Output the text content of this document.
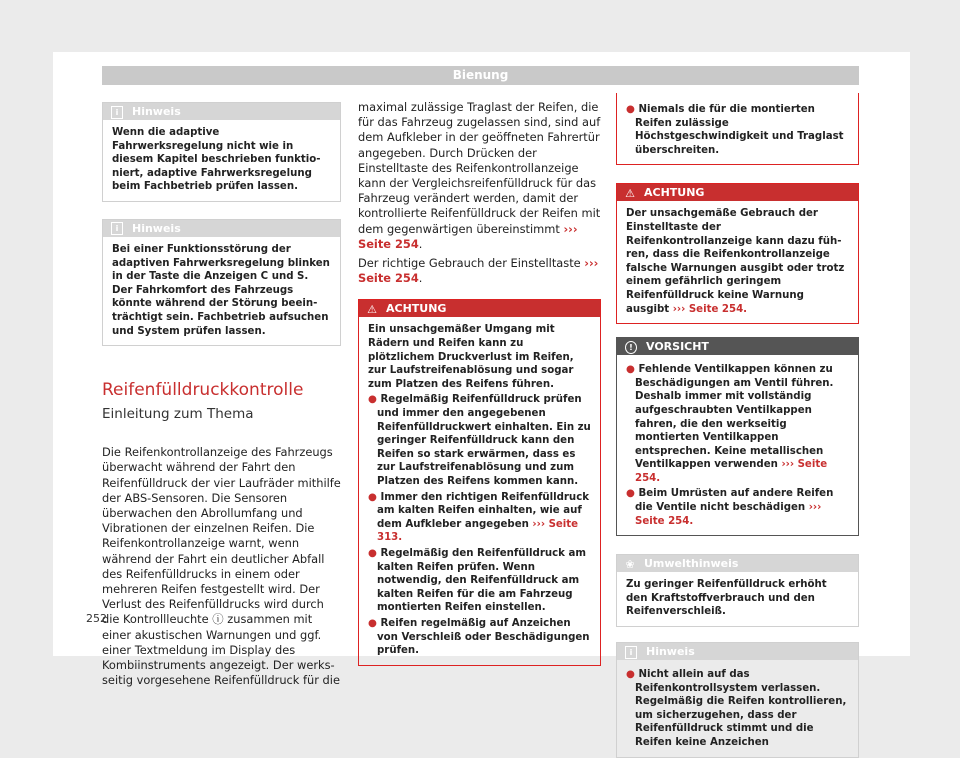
Bienung
i Hinweis
Wenn die adaptive Fahrwerksregelung nicht wie in diesem Kapitel beschrieben funktioniert, adaptive Fahrwerksregelung beim Fachbetrieb prüfen lassen.
i Hinweis
Bei einer Funktionsstörung der adaptiven Fahrwerksregelung blinken in der Taste die Anzeigen C und S. Der Fahrkomfort des Fahrzeugs könnte während der Störung beeinträchtigt sein. Fachbetrieb aufsuchen und System prüfen lassen.
Reifenfülldruckkontrolle
Einleitung zum Thema
Die Reifenkontrollanzeige des Fahrzeugs überwacht während der Fahrt den Reifenfülldruck der vier Laufräder mithilfe der ABS-Sensoren. Die Sensoren überwachen den Abrollumfang und Vibrationen der einzelnen Reifen. Die Reifenkontrollanzeige warnt, wenn während der Fahrt ein deutlicher Abfall des Reifenfülldrucks in einem oder mehreren Reifen festgestellt wird. Der Verlust des Reifenfülldrucks wird durch die Kontrollleuchte ⓘ zusammen mit einer akustischen Warnungen und ggf. einer Textmeldung im Display des Kombiinstruments angezeigt. Der werksseitig vorgesehene Reifenfülldruck für die
maximal zulässige Traglast der Reifen, die für das Fahrzeug zugelassen sind, sind auf dem Aufkleber in der geöffneten Fahrertür angegeben. Durch Drücken der Einstelltaste des Reifenkontrollanzeige kann der Vergleichsreifenfülldruck für das Fahrzeug verändert werden, damit der kontrollierte Reifenfülldruck der Reifen mit dem gegenwärtigen übereinstimmt ››› Seite 254.
Der richtige Gebrauch der Einstelltaste ››› Seite 254.
⚠ ACHTUNG
Ein unsachgemäßer Umgang mit Rädern und Reifen kann zu plötzlichem Druckverlust im Reifen, zur Laufstreifenablösung und sogar zum Platzen des Reifens führen.
● Regelmäßig Reifenfülldruck prüfen und immer den angegebenen Reifenfülldruckwert einhalten. Ein zu geringer Reifenfülldruck kann den Reifen so stark erwärmen, dass es zur Laufstreifenablösung und zum Platzen des Reifens kommen kann.
● Immer den richtigen Reifenfülldruck am kalten Reifen einhalten, wie auf dem Aufkleber angegeben ››› Seite 313.
● Regelmäßig den Reifenfülldruck am kalten Reifen prüfen. Wenn notwendig, den Reifenfülldruck am kalten Reifen für die am Fahrzeug montierten Reifen einstellen.
● Reifen regelmäßig auf Anzeichen von Verschleiß oder Beschädigungen prüfen.
● Niemals die für die montierten Reifen zulässige Höchstgeschwindigkeit und Traglast überschreiten.
⚠ ACHTUNG
Der unsachgemäße Gebrauch der Einstelltaste der Reifenkontrollanzeige kann dazu führen, dass die Reifenkontrollanzeige falsche Warnungen ausgibt oder trotz einem gefährlich geringem Reifenfülldruck keine Warnung ausgibt ››› Seite 254.
! VORSICHT
● Fehlende Ventilkappen können zu Beschädigungen am Ventil führen. Deshalb immer mit vollständig aufgeschraubten Ventilkappen fahren, die den werkseitig montierten Ventilkappen entsprechen. Keine metallischen Ventilkappen verwenden ››› Seite 254.
● Beim Umrüsten auf andere Reifen die Ventile nicht beschädigen ››› Seite 254.
❀ Umwelthinweis
Zu geringer Reifenfülldruck erhöht den Kraftstoffverbrauch und den Reifenverschleiß.
i Hinweis
● Nicht allein auf das Reifenkontrollsystem verlassen. Regelmäßig die Reifen kontrollieren, um sicherzugehen, dass der Reifenfülldruck stimmt und die Reifen keine Anzeichen
252
